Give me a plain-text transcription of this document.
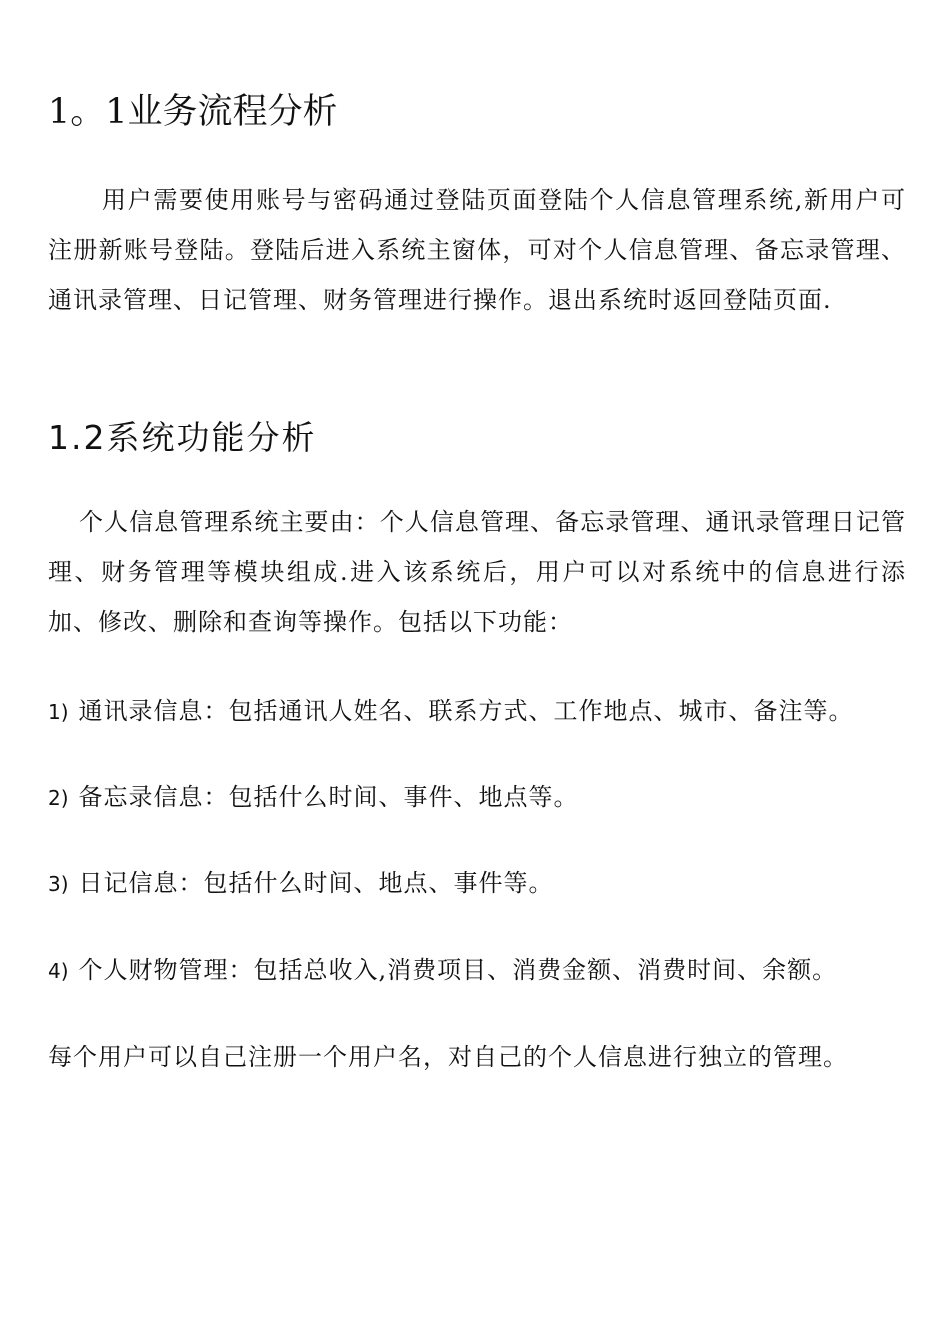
1。1业务流程分析

用户需要使用账号与密码通过登陆页面登陆个人信息管理系统,新用户可注册新账号登陆。登陆后进入系统主窗体，可对个人信息管理、备忘录管理、通讯录管理、日记管理、财务管理进行操作。退出系统时返回登陆页面.

1.2系统功能分析

个人信息管理系统主要由：个人信息管理、备忘录管理、通讯录管理日记管理、财务管理等模块组成.进入该系统后，用户可以对系统中的信息进行添加、修改、删除和查询等操作。包括以下功能：

1) 通讯录信息：包括通讯人姓名、联系方式、工作地点、城市、备注等。

2) 备忘录信息：包括什么时间、事件、地点等。

3) 日记信息：包括什么时间、地点、事件等。

4) 个人财物管理：包括总收入,消费项目、消费金额、消费时间、余额。

每个用户可以自己注册一个用户名，对自己的个人信息进行独立的管理。
